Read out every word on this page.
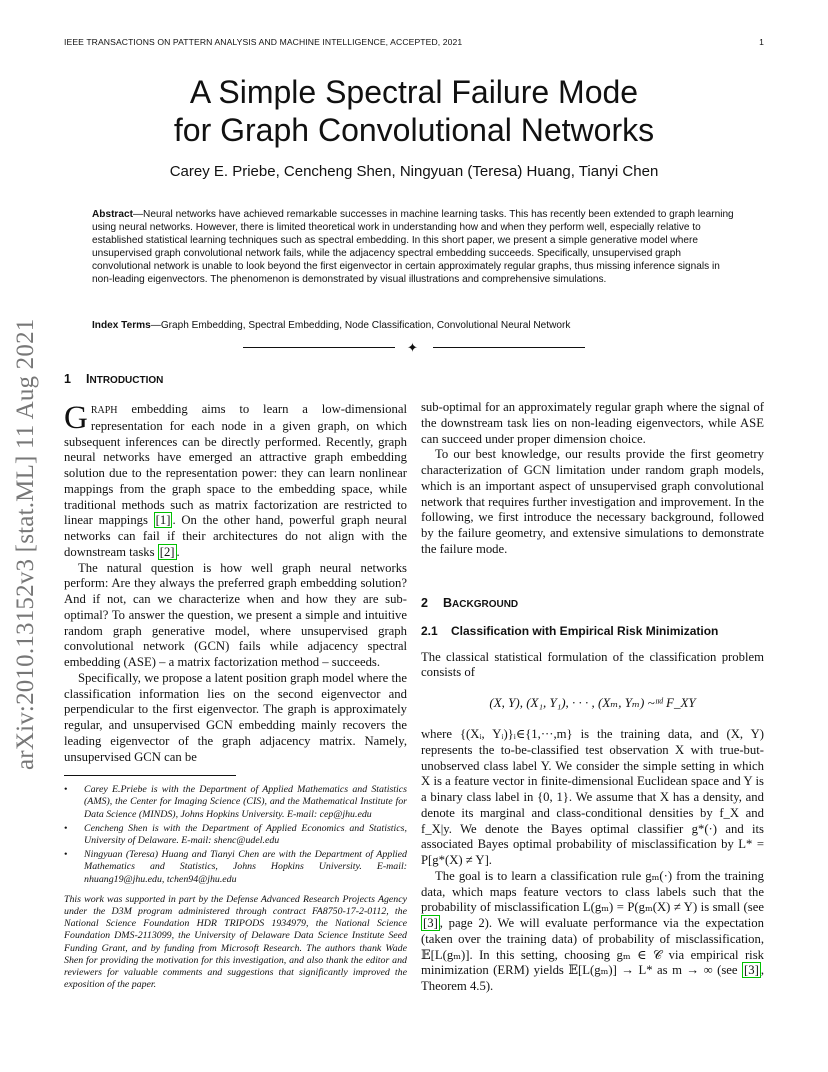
IEEE TRANSACTIONS ON PATTERN ANALYSIS AND MACHINE INTELLIGENCE, ACCEPTED, 2021	1
A Simple Spectral Failure Mode
for Graph Convolutional Networks
Carey E. Priebe, Cencheng Shen, Ningyuan (Teresa) Huang, Tianyi Chen
Abstract—Neural networks have achieved remarkable successes in machine learning tasks. This has recently been extended to graph learning using neural networks. However, there is limited theoretical work in understanding how and when they perform well, especially relative to established statistical learning techniques such as spectral embedding. In this short paper, we present a simple generative model where unsupervised graph convolutional network fails, while the adjacency spectral embedding succeeds. Specifically, unsupervised graph convolutional network is unable to look beyond the first eigenvector in certain approximately regular graphs, thus missing inference signals in non-leading eigenvectors. The phenomenon is demonstrated by visual illustrations and comprehensive simulations.
Index Terms—Graph Embedding, Spectral Embedding, Node Classification, Convolutional Neural Network
✦
arXiv:2010.13152v3 [stat.ML] 11 Aug 2021 1 INTRODUCTION

GRAPH embedding aims to learn a low-dimensional representation for each node in a given graph, on which subsequent inferences can be directly performed. Recently, graph neural networks have emerged an attractive graph embedding solution due to the representation power: they can learn nonlinear mappings from the graph space to the embedding space, while traditional methods such as matrix factorization are restricted to linear mappings [1] . On the other hand, powerful graph neural networks can fail if their architectures do not align with the downstream tasks [2] .

The natural question is how well graph neural networks perform: Are they always the preferred graph embedding solution? And if not, can we characterize when and how they are sub-optimal? To answer the question, we present a simple and intuitive random graph generative model, where unsupervised graph convolutional network (GCN) fails while adjacency spectral embedding (ASE) – a matrix factorization method – succeeds.

Specifically, we propose a latent position graph model where the classification information lies on the second eigenvector and perpendicular to the first eigenvector. The graph is approximately regular, and unsupervised GCN embedding mainly recovers the leading eigenvector of the graph adjacency matrix. Namely, unsupervised GCN can be

• Carey E.Priebe is with the Department of Applied Mathematics and Statistics (AMS), the Center for Imaging Science (CIS), and the Mathematical Institute for Data Science (MINDS), Johns Hopkins University. E-mail: cep@jhu.edu
• Cencheng Shen is with the Department of Applied Economics and Statistics, University of Delaware. E-mail: shenc@udel.edu
• Ningyuan (Teresa) Huang and Tianyi Chen are with the Department of Applied Mathematics and Statistics, Johns Hopkins University. E-mail: nhuang19@jhu.edu, tchen94@jhu.edu

This work was supported in part by the Defense Advanced Research Projects Agency under the D3M program administered through contract FA8750-17-2-0112, the National Science Foundation HDR TRIPODS 1934979, the National Science Foundation DMS-2113099, the University of Delaware Data Science Institute Seed Funding Grant, and by funding from Microsoft Research. The authors thank Wade Shen for providing the motivation for this investigation, and also thank the editor and reviewers for valuable comments and suggestions that significantly improved the exposition of the paper.

sub-optimal for an approximately regular graph where the signal of the downstream task lies on non-leading eigenvectors, while ASE can succeed under proper dimension choice.

To our best knowledge, our results provide the first geometry characterization of GCN limitation under random graph models, which is an important aspect of unsupervised graph convolutional network that requires further investigation and improvement. In the following, we first introduce the necessary background, followed by the failure geometry, and extensive simulations to demonstrate the failure mode.

2 BACKGROUND
2.1 Classification with Empirical Risk Minimization

The classical statistical formulation of the classification problem consists of

(X, Y), (X₁, Y₁), · · · , (Xₘ, Yₘ) ~ᶦᶦᵈ F_XY

where {(Xᵢ, Yᵢ)}ᵢ∈{1,···,m} is the training data, and (X, Y) represents the to-be-classified test observation X with true-but-unobserved class label Y. We consider the simple setting in which X is a feature vector in finite-dimensional Euclidean space and Y is a binary class label in {0, 1}. We assume that X has a density, and denote its marginal and class-conditional densities by f_X and f_X|y. We denote the Bayes optimal classifier g*(·) and its associated Bayes optimal probability of misclassification by L* = P[g*(X) ≠ Y].

The goal is to learn a classification rule gₘ(·) from the training data, which maps feature vectors to class labels such that the probability of misclassification L(gₘ) = P(gₘ(X) ≠ Y) is small (see [3] , page 2). We will evaluate performance via the expectation (taken over the training data) of probability of misclassification, 𝔼[L(gₘ)]. In this setting, choosing gₘ ∈ 𝒞 via empirical risk minimization (ERM) yields 𝔼[L(gₘ)] → L* as m → ∞ (see [3] , Theorem 4.5).
